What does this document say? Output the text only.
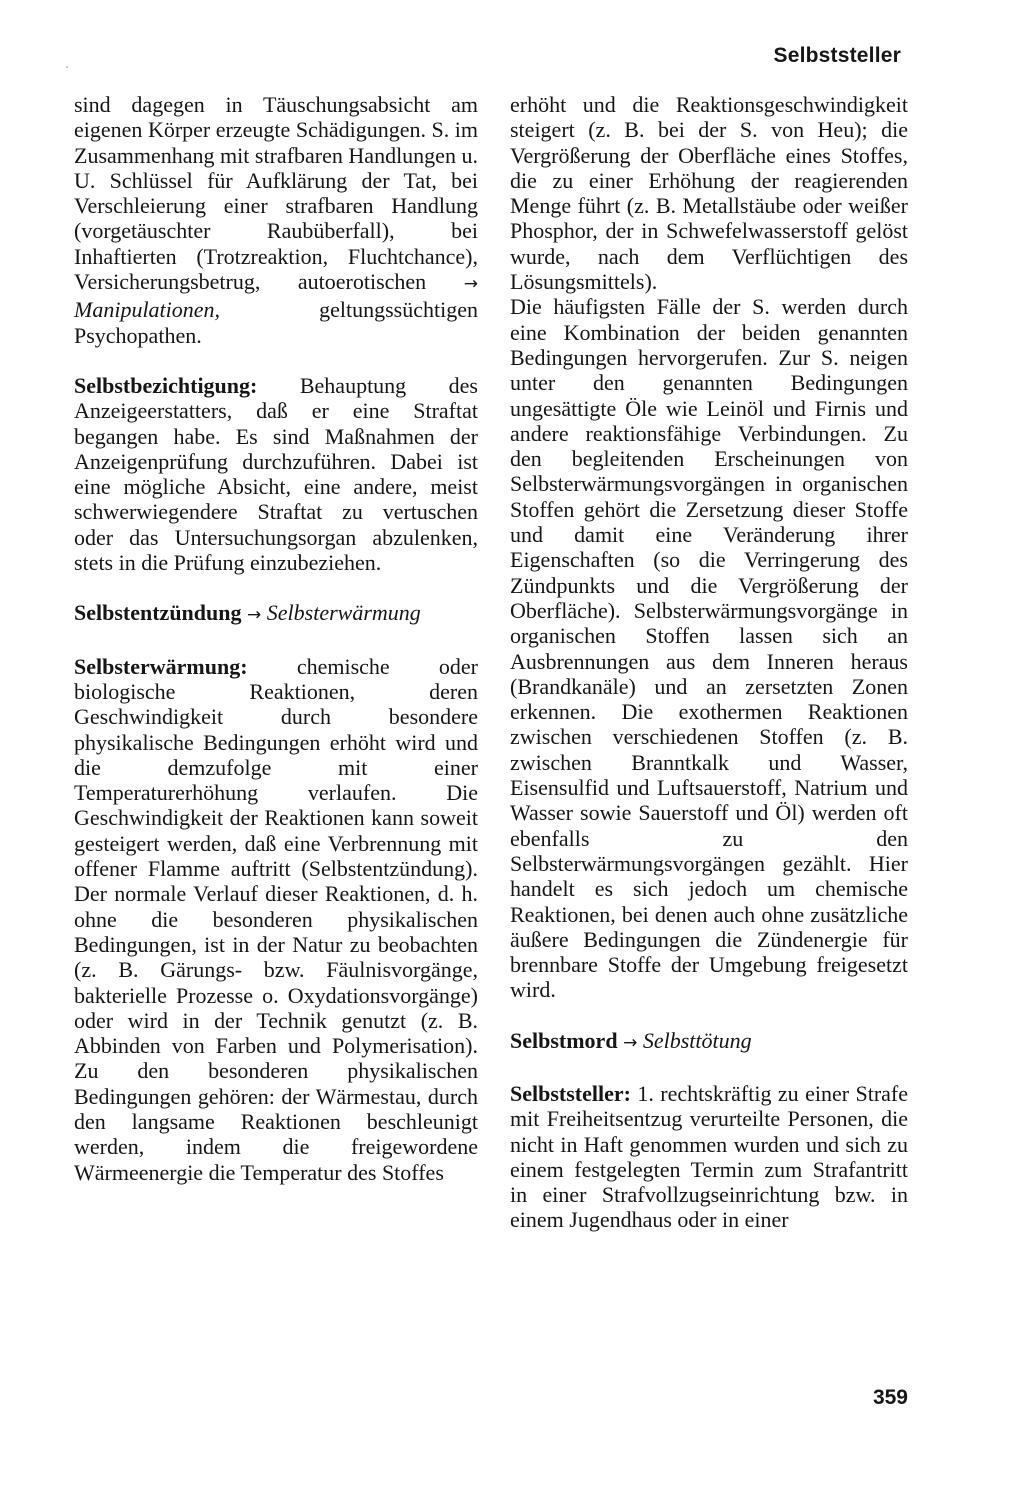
Selbststeller

sind dagegen in Täuschungsabsicht am eigenen Körper erzeugte Schädigungen. S. im Zusammenhang mit strafbaren Handlungen u. U. Schlüssel für Aufklärung der Tat, bei Verschleierung einer strafbaren Handlung (vorgetäuschter Raubüberfall), bei Inhaftierten (Trotzreaktion, Fluchtchance), Versicherungsbetrug, autoerotischen → Manipulationen,	geltungssüchtigen Psychopathen.

Selbstbezichtigung: Behauptung des Anzeigeerstatters, daß er eine Straftat begangen habe. Es sind Maßnahmen der Anzeigenprüfung durchzuführen. Dabei ist eine mögliche Absicht, eine andere, meist schwerwiegendere Straftat zu vertuschen oder das Untersuchungsorgan abzulenken, stets in die Prüfung einzubeziehen.

Selbstentzündung → Selbsterwärmung

Selbsterwärmung: chemische oder biologische Reaktionen, deren Geschwindigkeit durch besondere physikalische Bedingungen erhöht wird und die demzufolge mit einer Temperaturerhöhung verlaufen. Die Geschwindigkeit der Reaktionen kann soweit gesteigert werden, daß eine Verbrennung mit offener Flamme auftritt (Selbstentzündung). Der normale Verlauf dieser Reaktionen, d. h. ohne die besonderen physikalischen Bedingungen, ist in der Natur zu beobachten (z. B. Gärungs- bzw. Fäulnisvorgänge, bakterielle Prozesse o. Oxydationsvorgänge) oder wird in der Technik genutzt (z. B. Abbinden von Farben und Polymerisation). Zu den besonderen physikalischen Bedingungen gehören: der Wärmestau, durch den langsame Reaktionen beschleunigt werden, indem die freigewordene Wärmeenergie die Temperatur des Stoffes

erhöht und die Reaktionsgeschwindigkeit steigert (z. B. bei der S. von Heu); die Vergrößerung der Oberfläche eines Stoffes, die zu einer Erhöhung der reagierenden Menge führt (z. B. Metallstäube oder weißer Phosphor, der in Schwefelwasserstoff gelöst wurde, nach dem Verflüchtigen des Lösungsmittels).

Die häufigsten Fälle der S. werden durch eine Kombination der beiden genannten Bedingungen hervorgerufen. Zur S. neigen unter den genannten Bedingungen ungesättigte Öle wie Leinöl und Firnis und andere reaktionsfähige Verbindungen. Zu den begleitenden Erscheinungen von Selbsterwärmungsvorgängen in organischen Stoffen gehört die Zersetzung dieser Stoffe und damit eine Veränderung ihrer Eigenschaften (so die Verringerung des Zündpunkts und die Vergrößerung der Oberfläche). Selbsterwärmungsvorgänge in organischen Stoffen lassen sich an Ausbrennungen aus dem Inneren heraus (Brandkanäle) und an zersetzten Zonen erkennen. Die exothermen Reaktionen zwischen verschiedenen Stoffen (z. B. zwischen Branntkalk und Wasser, Eisensulfid und Luftsauerstoff, Natrium und Wasser sowie Sauerstoff und Öl) werden oft ebenfalls zu den Selbsterwärmungsvorgängen gezählt. Hier handelt es sich jedoch um chemische Reaktionen, bei denen auch ohne zusätzliche äußere Bedingungen die Zündenergie für brennbare Stoffe der Umgebung freigesetzt wird.

Selbstmord → Selbsttötung

Selbststeller: 1. rechtskräftig zu einer Strafe mit Freiheitsentzug verurteilte Personen, die nicht in Haft genommen wurden und sich zu einem festgelegten Termin zum Strafantritt in einer Strafvollzugseinrichtung bzw. in einem Jugendhaus oder in einer

359
